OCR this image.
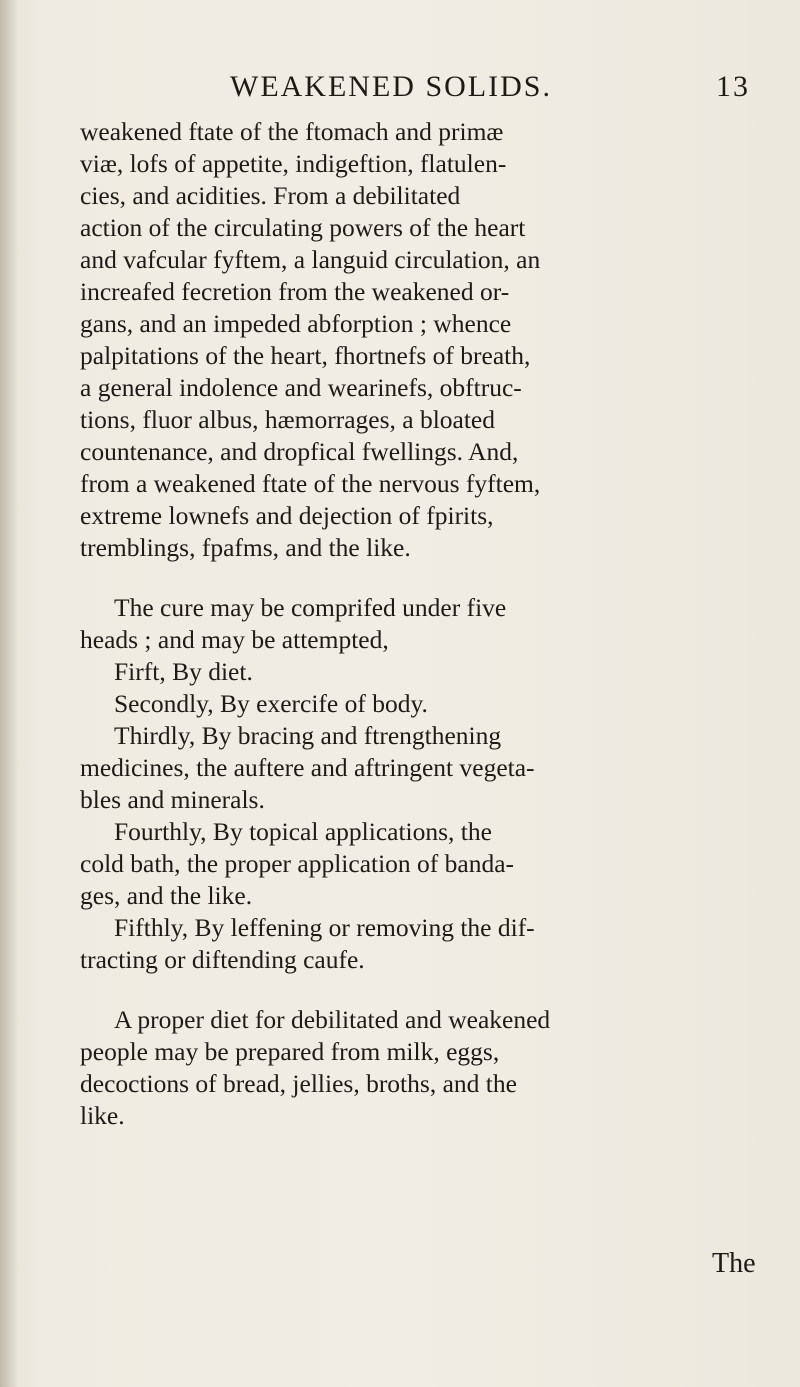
WEAKENED SOLIDS.	13
weakened ftate of the ftomach and primæ
viæ, lofs of appetite, indigeftion, flatulen-
cies, and acidities. From a debilitated
action of the circulating powers of the heart
and vafcular fyftem, a languid circulation, an
increafed fecretion from the weakened or-
gans, and an impeded abforption ; whence
palpitations of the heart, fhortnefs of breath,
a general indolence and wearinefs, obftruc-
tions, fluor albus, hæmorrages, a bloated
countenance, and dropfical fwellings. And,
from a weakened ftate of the nervous fyftem,
extreme lownefs and dejection of fpirits,
tremblings, fpafms, and the like.
The cure may be comprifed under five
heads ; and may be attempted,
Firft, By diet.
Secondly, By exercife of body.
Thirdly, By bracing and ftrengthening
medicines, the auftere and aftringent vegeta-
bles and minerals.
Fourthly, By topical applications, the
cold bath, the proper application of banda-
ges, and the like.
Fifthly, By leffening or removing the dif-
tracting or diftending caufe.
A proper diet for debilitated and weakened
people may be prepared from milk, eggs,
decoctions of bread, jellies, broths, and the
like.
The
